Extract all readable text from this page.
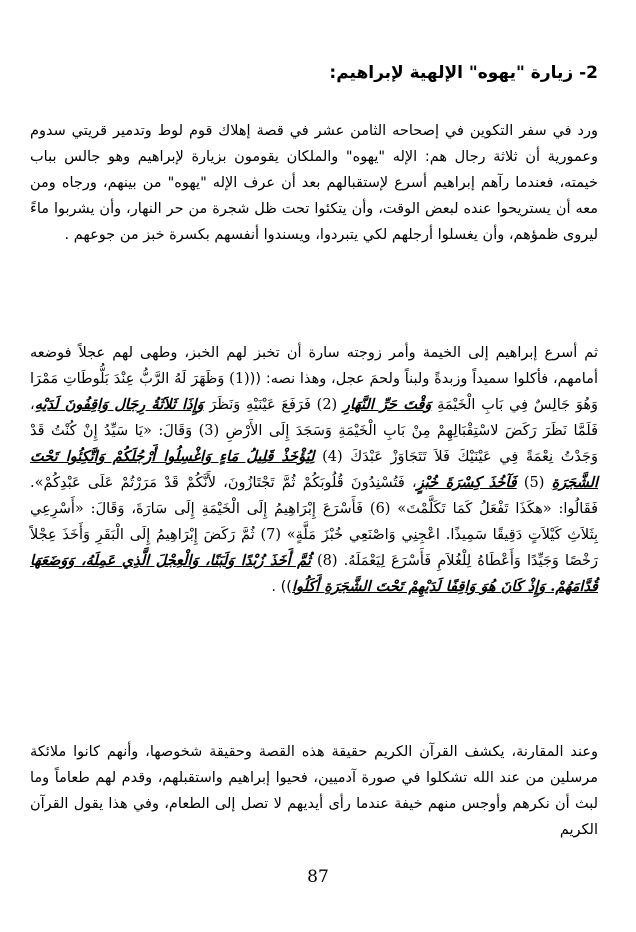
2- زيارة "يهوه" الإلهية لإبراهيم:

ورد في سفر التكوين في إصحاحه الثامن عشر في قصة إهلاك قوم لوط وتدمير قريتي سدوم وعمورية أن ثلاثة رجال هم: الإله "يهوه" والملكان يقومون بزيارة لإبراهيم وهو جالس بباب خيمته، فعندما رآهم إبراهيم أسرع لإستقبالهم بعد أن عرف الإله "يهوه" من بينهم، ورجاه ومن معه أن يستريحوا عنده لبعض الوقت، وأن يتكئوا تحت ظل شجرة من حر النهار، وأن يشربوا ماءً ليروى ظمؤهم، وأن يغسلوا أرجلهم لكي يتبردوا، ويسندوا أنفسهم بكسرة خبز من جوعهم .

ثم أسرع إبراهيم إلى الخيمة وأمر زوجته سارة أن تخبز لهم الخبز، وطهى لهم عجلاً فوضعه أمامهم، فأكلوا سميداً وزبدةً ولبناً ولحمَ عجل، وهذا نصه: (((1) وَظَهَرَ لَهُ الرَّبُّ عِنْدَ بَلُّوطَاتِ مَمْرَا وَهُوَ جَالِسٌ فِي بَابِ الْخَيْمَةِ وَقْتَ حَرِّ النَّهَارِ (2) فَرَفَعَ عَيْنَيْهِ وَنَظَرَ وَإِذَا ثَلاَثَةُ رِجَال وَاقِفُونَ لَدَيْهِ، فَلَمَّا نَظَرَ رَكَضَ لاسْتِقْبَالِهِمْ مِنْ بَابِ الْخَيْمَةِ وَسَجَدَ إِلَى الأَرْضِ (3) وَقَالَ: «يَا سَيِّدُ إِنْ كُنْتُ قَدْ وَجَدْتُ نِعْمَةً فِي عَيْنَيْكَ فَلاَ تَتَجَاوَزْ عَبْدَكَ (4) لِيُؤْخَذْ قَلِيلُ مَاءٍ وَاغْسِلُوا أَرْجُلَكُمْ وَاتَّكِئُوا تَحْتَ الشَّجَرَةِ (5) فَآخُذَ كِسْرَةَ خُبْزٍ، فَتُسْنِدُونَ قُلُوبَكُمْ ثُمَّ تَجْتَازُونَ، لأَنَّكُمْ قَدْ مَرَرْتُمْ عَلَى عَبْدِكُمْ». فَقَالُوا: «هكَذَا تَفْعَلُ كَمَا تَكَلَّمْتَ» (6) فَأَسْرَعَ إِبْرَاهِيمُ إِلَى الْخَيْمَةِ إِلَى سَارَةَ، وَقَالَ: «أَسْرِعِي بِثَلاَثِ كَيْلاَتٍ دَقِيقًا سَمِيذًا. اعْجِنِي وَاصْنَعِي خُبْزَ مَلَّةٍ» (7) ثُمَّ رَكَضَ إِبْرَاهِيمُ إِلَى الْبَقَرِ وَأَخَذَ عِجْلاً رَخْصًا وَجَيِّدًا وَأَعْطَاهُ لِلْغُلاَمِ فَأَسْرَعَ لِيَعْمَلَهُ. (8) ثُمَّ أَخَذَ زُبْدًا وَلَبَنًا، وَالْعِجْلَ الَّذِي عَمِلَهُ، وَوَضَعَهَا قُدَّامَهُمْ. وَإِذْ كَانَ هُوَ وَاقِفًا لَدَيْهِمْ تَحْتَ الشَّجَرَةِ أَكَلُوا)) .

وعند المقارنة، يكشف القرآن الكريم حقيقة هذه القصة وحقيقة شخوصها، وأنهم كانوا ملائكة مرسلين من عند الله تشكلوا في صورة آدميين، فحيوا إبراهيم واستقبلهم، وقدم لهم طعاماً وما لبث أن نكرهم وأوجس منهم خيفة عندما رأى أيديهم لا تصل إلى الطعام، وفي هذا يقول القرآن الكريم

87
